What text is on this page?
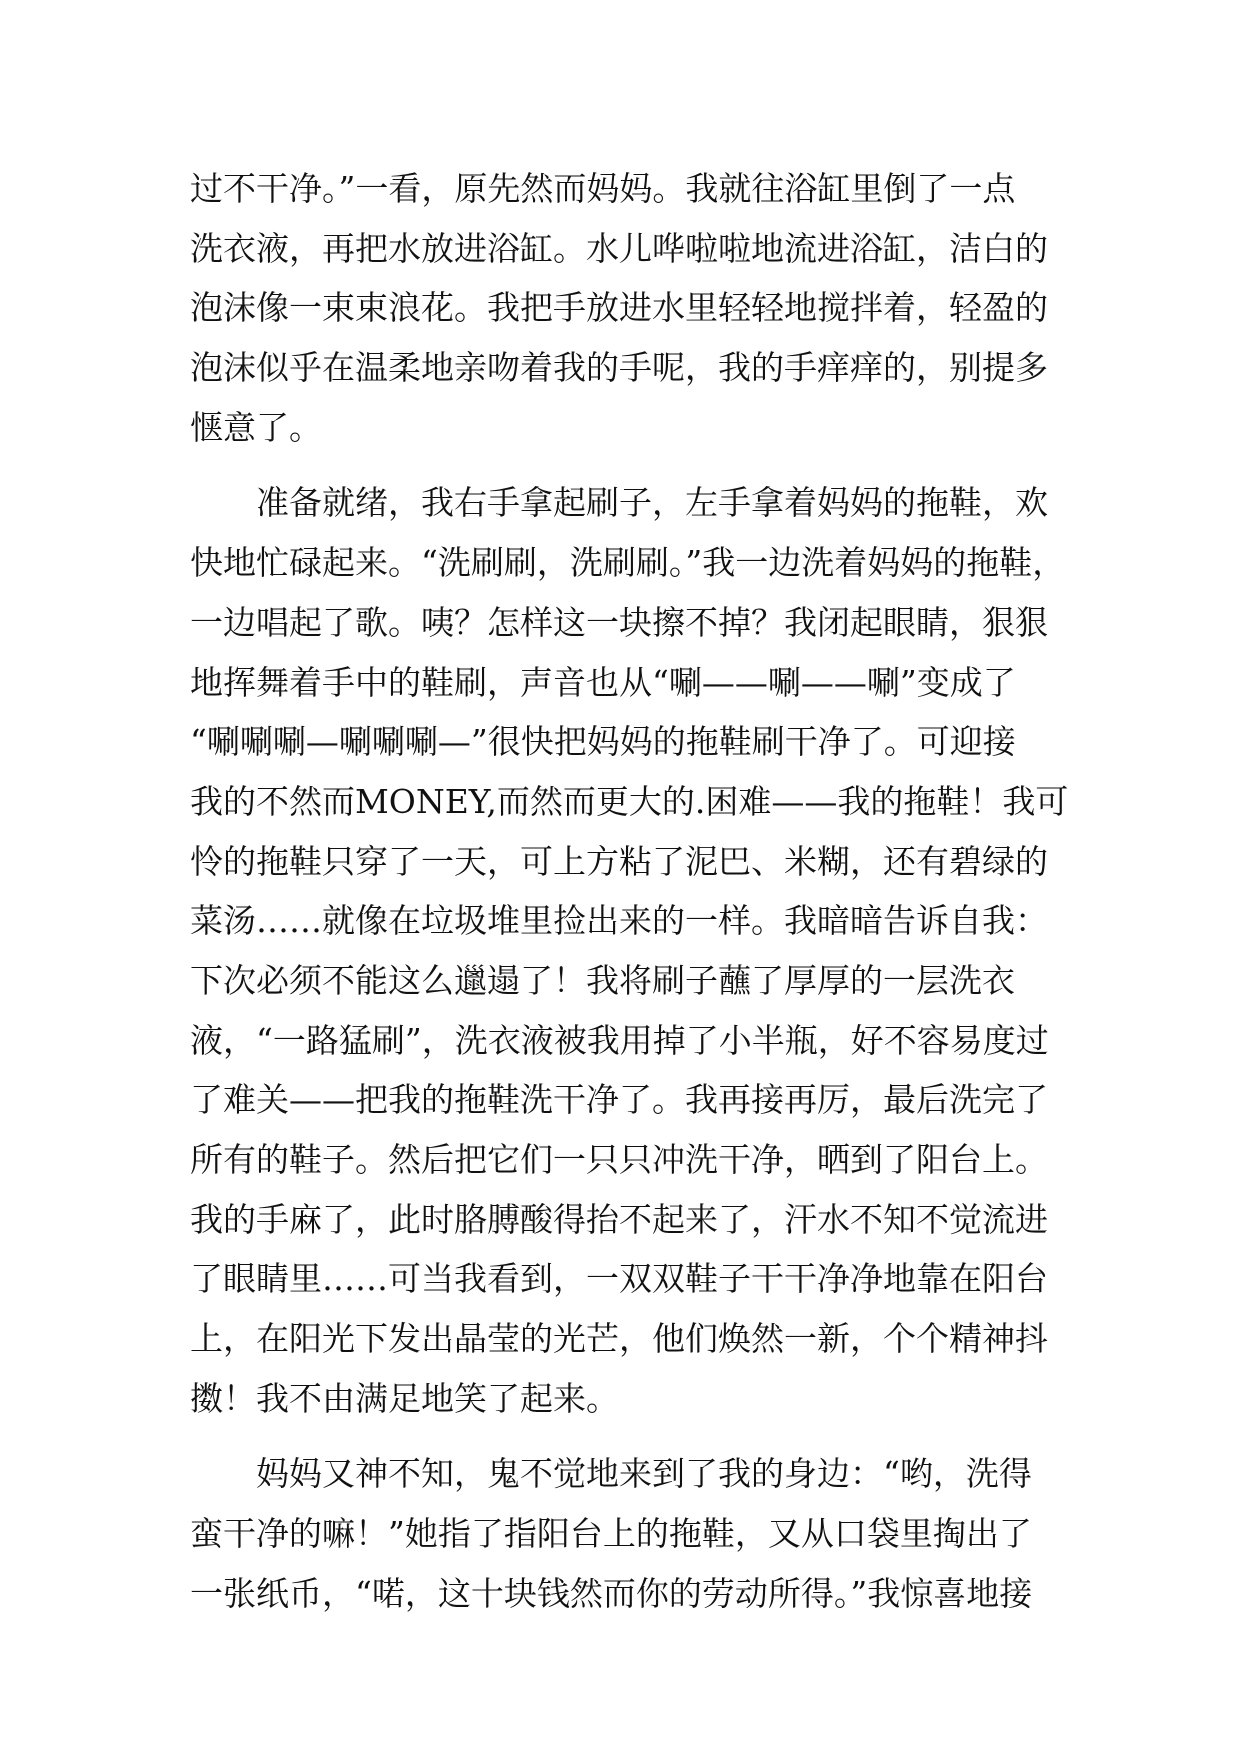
过不干净。”一看，原先然而妈妈。我就往浴缸里倒了一点
洗衣液，再把水放进浴缸。水儿哗啦啦地流进浴缸，洁白的
泡沫像一束束浪花。我把手放进水里轻轻地搅拌着，轻盈的
泡沫似乎在温柔地亲吻着我的手呢，我的手痒痒的，别提多
惬意了。
　　准备就绪，我右手拿起刷子，左手拿着妈妈的拖鞋，欢
快地忙碌起来。“洗刷刷，洗刷刷。”我一边洗着妈妈的拖鞋，
一边唱起了歌。咦？怎样这一块擦不掉？我闭起眼睛，狠狠
地挥舞着手中的鞋刷，声音也从“唰——唰——唰”变成了
“唰唰唰—唰唰唰—”很快把妈妈的拖鞋刷干净了。可迎接
我的不然而MONEY,而然而更大的.困难——我的拖鞋！我可
怜的拖鞋只穿了一天，可上方粘了泥巴、米糊，还有碧绿的
菜汤……就像在垃圾堆里捡出来的一样。我暗暗告诉自我：
下次必须不能这么邋遢了！我将刷子蘸了厚厚的一层洗衣
液，“一路猛刷”，洗衣液被我用掉了小半瓶，好不容易度过
了难关——把我的拖鞋洗干净了。我再接再厉，最后洗完了
所有的鞋子。然后把它们一只只冲洗干净，晒到了阳台上。
我的手麻了，此时胳膊酸得抬不起来了，汗水不知不觉流进
了眼睛里……可当我看到，一双双鞋子干干净净地靠在阳台
上，在阳光下发出晶莹的光芒，他们焕然一新，个个精神抖
擞！我不由满足地笑了起来。
　　妈妈又神不知，鬼不觉地来到了我的身边：“哟，洗得
蛮干净的嘛！”她指了指阳台上的拖鞋，又从口袋里掏出了
一张纸币，“喏，这十块钱然而你的劳动所得。”我惊喜地接
